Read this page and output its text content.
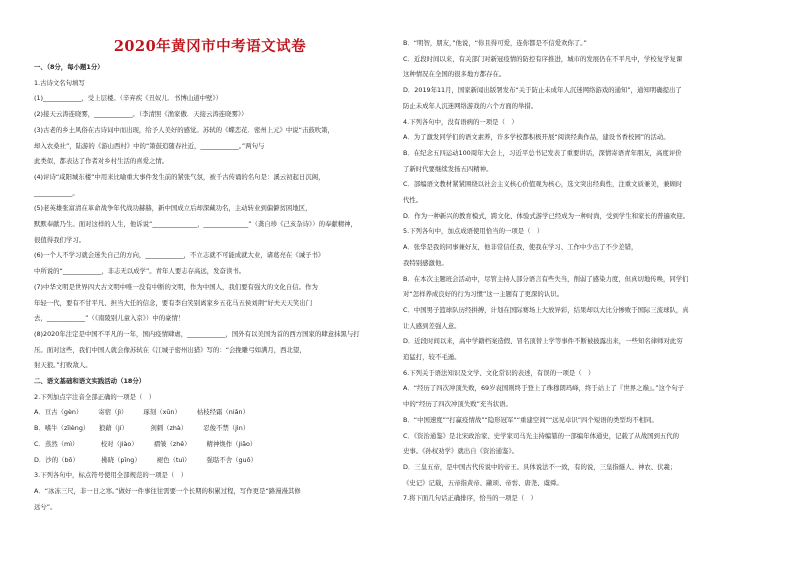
2020年黄冈市中考语文试卷
一、（8分，每小题1分）
1.古诗文名句填写
(1)____________，受上层楼。（辛弃疾《丑奴儿．书博山道中壁》）
(2)接天云涛连晓雾，____________。（李清照《渔家傲．天接云涛连晓雾》）
(3)古老的乡土风俗在古诗词中而出现，给予人美好的感觉。苏轼的《蝶恋花．密州上元》中说“击鼓吹箫，
却入农桑社”，陆游的《游山西村》中的“箫鼓追随春社近，____________。”两句与
此类似，都表达了作者对乡村生活的喜爱之情。
(4)评诗“咸阳城东楼”中用来比喻重大事件发生前的紧张气氛，被千古传诵的名句是：溪云初起日沉阁，
____________。
(5)老英雄张富清在革命战争年代战功赫赫，新中国成立后却深藏功名，主动转业到偏僻贫困地区，
默默奉献乃生。面对这样的人生，他诉说“______________，______________”（龚自珍《己亥杂诗》）的奉献精神，
很值得我们学习。
(6)一个人不学习就会迷失自己的方向，____________，不立志就不可能成就大业，诸葛亮在《诫子书》
中所说的“____________，非志无以成学”。青年人要志存高远，发奋读书。
(7)中华文明是世界四大古文明中唯一没有中断的文明，作为中国人，我们要有强大的文化自信。作为
年轻一代，要有不甘平凡、担当大任的信念，要有李白笑别离家乡五花马五侯刘荆“好夫天天笑出门
去，____________”（《南陵别儿童入京》）中的豪情！
(8)2020年注定是中国不平凡的一年，国内疫情肆虐，____________，国外有以美国为首的西方国家的肆意抹黑与打
压。面对这些，我们中国人就会像苏轼在《江城子密州出猎》写的：“会挽雕弓如满月，西北望，
射天狼。”打败敌人。
二、语文基础和语文实践活动（18分）
2.下列加点字注音全部正确的一项是（　）
A．亘古（gèn）　　　寄宿（jì）　　　琢刻（xūn）　　　枯枝经霜（niǎn）
B．嗜牛（zīlèng）　　狼藉（jí）　　　　剑刺（zhà）　　　忍俊不禁（jìn）
C．蒸然（mì）　　　　校对（jiào）　　　褶皱（zhě）　　　精神焕作（jiāo）
D．沙的（bō）　　　　拂晓（pīng）　　　褪色（tuì）　　　强聒不舍（guō）
3.下列各句中，标点符号使用全部规范的一项是（　）
A．“冰冻三尺，非一日之寒。”做好一件事往往需要一个长期的积累过程，写作更是“路漫漫其修
远兮”。
B．“明智，朋友，”他说，“你且得可爱，连你都是不信爱欢你了。”
C．近段时间以来，有关部门对新冠疫情的防控有序推进，城市的发展仍在不平凡中，学校复学复课
这种情况在全国的很多地方都存在。
D．2019年11月，国家新闻出版署发布“关于防止未成年人沉迷网络游戏的通知”，通知明确提出了
防止未成年人沉迷网络游戏的六个方面的举措。
4.下列各句中，没有语病的一项是（　）
A．为了激发同学们的语文素养，许多学校都积极开展“阅读经典作品，建设书香校园”的活动。
B．在纪念五四运动100周年大会上，习近平总书记发表了重要讲话，深情寄语青年朋友，高度评价
了新时代要继续发扬五四精神。
C．部编语文教材紧紧围绕以社会主义核心价值观为核心，选文突出经典性，注重文质兼美，兼顾时
代性。
D．作为一种新兴的教育模式，跨文化、体验式游学已经成为一种时尚，受到学生和家长的普遍欢迎。
5.下列各句中，加点成语使用恰当的一项是（　）
A．张华是我的同事兼好友，他非常信任我，使我在学习、工作中少出了不少差错，
我特别感激他。
B．在本次主题班会活动中，尽管主持人部分语言有些失当，削弱了感染力度，但真切地传唤，同学们
对“怎样养成良好的行为习惯”这一主题有了更深的认识。
C．中国男子篮球队历经拼搏，计划在国际赛场上大放异彩，结果却以大比分惨败于国际三流球队，真
让人感到差强人意。
D．近段时间以来，高中学籍档案造假、冒名顶替上学等事件不断被披露出来，一些知名律师对此穷
追猛打，较不毛遁。
6.下列关于语法知识及文学、文化常识的表述，有误的一项是（　）
A．“经历了四次冲顶失败，69岁袁国则终于登上了珠穆朗玛峰，终于站上了『世界之巅』。”这个句子
中的“经历了四次冲顶失败”充当状语。
B．“中国速度”“打赢疫情战”“隐形冠军”“重建空间”“远见卓识”四个短语的类型均不相同。
C．《资治通鉴》是北宋政治家、史学家司马光主持编纂的一部编年体通史，记载了从战国到五代的
史事。《孙权劝学》就出自《资治通鉴》。
D．三皇五帝，是中国古代传说中的帝王。具体说法不一致，有的说，三皇指燧人、神农、伏羲；
《史记》记载，五帝指黄帝、颛顼、帝喾、唐尧、虞舜。
7.将下面几句话正确排序，恰当的一项是（　）
